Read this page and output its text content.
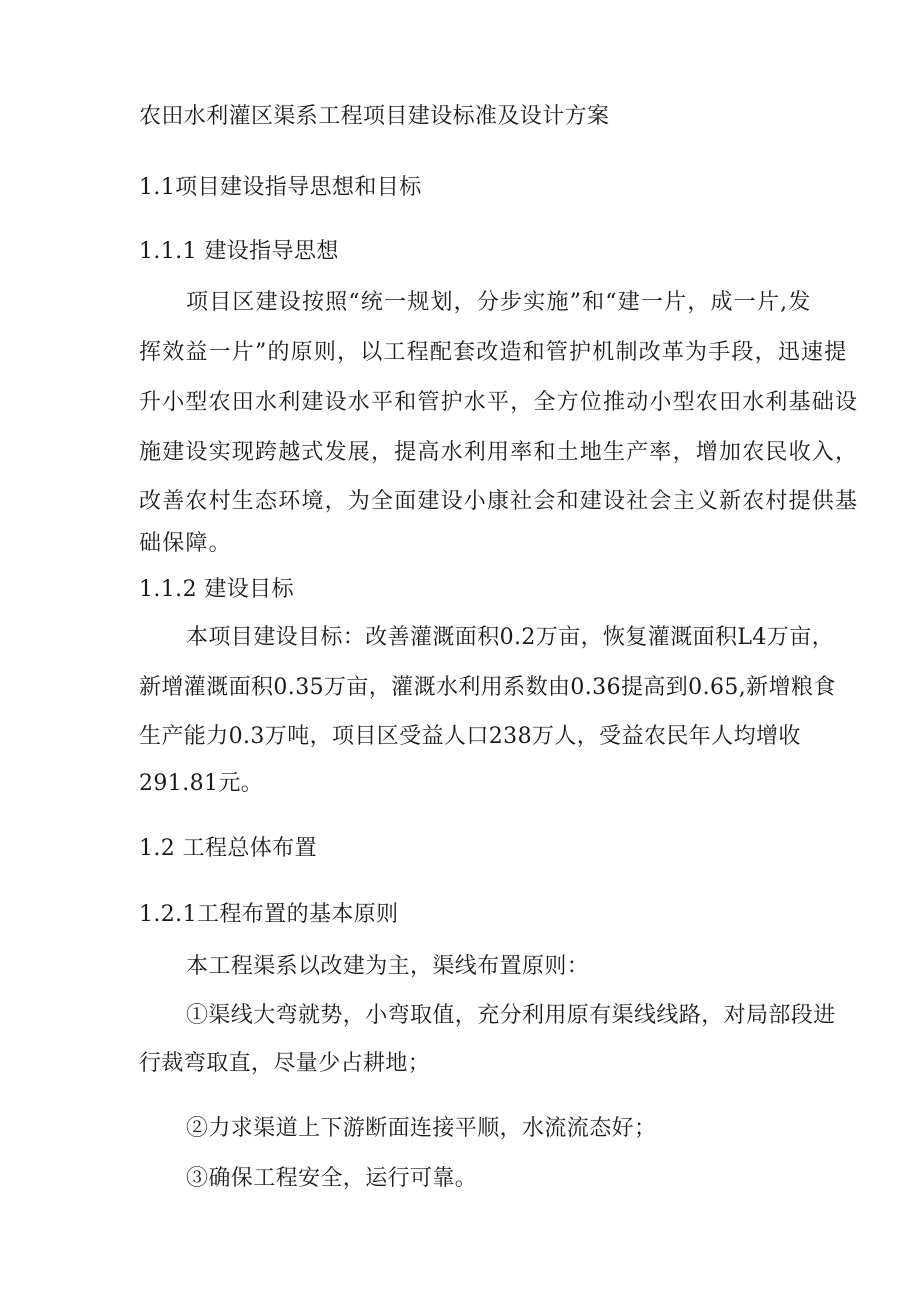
农田水利灌区渠系工程项目建设标准及设计方案
1.1项目建设指导思想和目标
1.1.1 建设指导思想
项目区建设按照“统一规划，分步实施”和“建一片，成一片,发
挥效益一片”的原则，以工程配套改造和管护机制改革为手段，迅速提
升小型农田水利建设水平和管护水平，全方位推动小型农田水利基础设
施建设实现跨越式发展，提高水利用率和土地生产率，增加农民收入，
改善农村生态环境，为全面建设小康社会和建设社会主义新农村提供基
础保障。
1.1.2 建设目标
本项目建设目标：改善灌溉面积0.2万亩，恢复灌溉面积L4万亩，
新增灌溉面积0.35万亩，灌溉水利用系数由0.36提高到0.65,新增粮食
生产能力0.3万吨，项目区受益人口238万人，受益农民年人均增收
291.81元。
1.2 工程总体布置
1.2.1工程布置的基本原则
本工程渠系以改建为主，渠线布置原则：
①渠线大弯就势，小弯取值，充分利用原有渠线线路，对局部段进
行裁弯取直，尽量少占耕地；
②力求渠道上下游断面连接平顺，水流流态好；
③确保工程安全，运行可靠。
